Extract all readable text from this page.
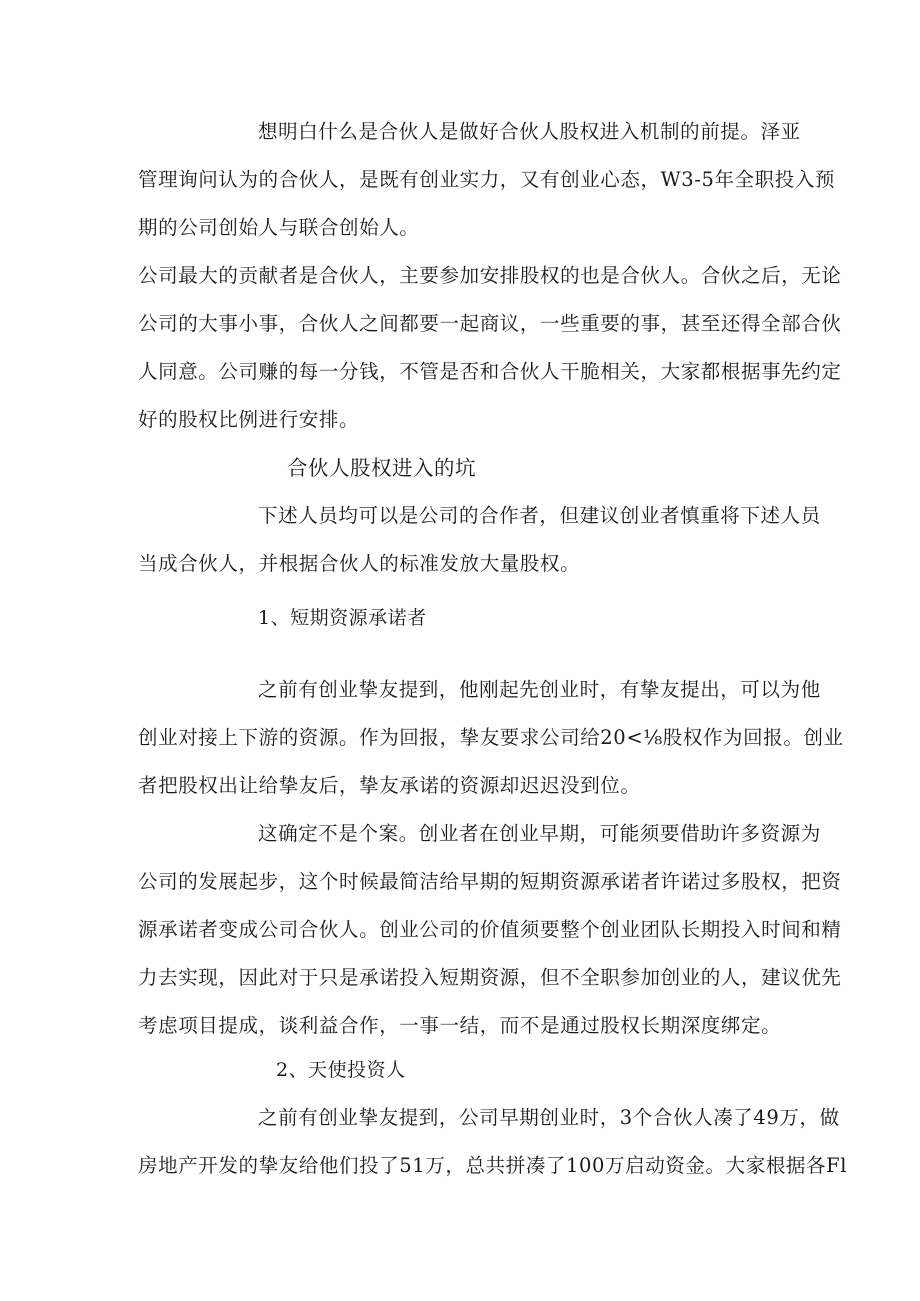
想明白什么是合伙人是做好合伙人股权进入机制的前提。泽亚
管理询问认为的合伙人，是既有创业实力，又有创业心态，W3-5年全职投入预
期的公司创始人与联合创始人。
公司最大的贡献者是合伙人，主要参加安排股权的也是合伙人。合伙之后，无论
公司的大事小事，合伙人之间都要一起商议，一些重要的事，甚至还得全部合伙
人同意。公司赚的每一分钱，不管是否和合伙人干脆相关，大家都根据事先约定
好的股权比例进行安排。
合伙人股权进入的坑
下述人员均可以是公司的合作者，但建议创业者慎重将下述人员
当成合伙人，并根据合伙人的标准发放大量股权。
1、短期资源承诺者
之前有创业挚友提到，他刚起先创业时，有挚友提出，可以为他
创业对接上下游的资源。作为回报，挚友要求公司给20<⅛股权作为回报。创业
者把股权出让给挚友后，挚友承诺的资源却迟迟没到位。
这确定不是个案。创业者在创业早期，可能须要借助许多资源为
公司的发展起步，这个时候最简洁给早期的短期资源承诺者许诺过多股权，把资
源承诺者变成公司合伙人。创业公司的价值须要整个创业团队长期投入时间和精
力去实现，因此对于只是承诺投入短期资源，但不全职参加创业的人，建议优先
考虑项目提成，谈利益合作，一事一结，而不是通过股权长期深度绑定。
2、天使投资人
之前有创业挚友提到，公司早期创业时，3个合伙人凑了49万，做
房地产开发的挚友给他们投了51万，总共拼凑了100万启动资金。大家根据各Fl
